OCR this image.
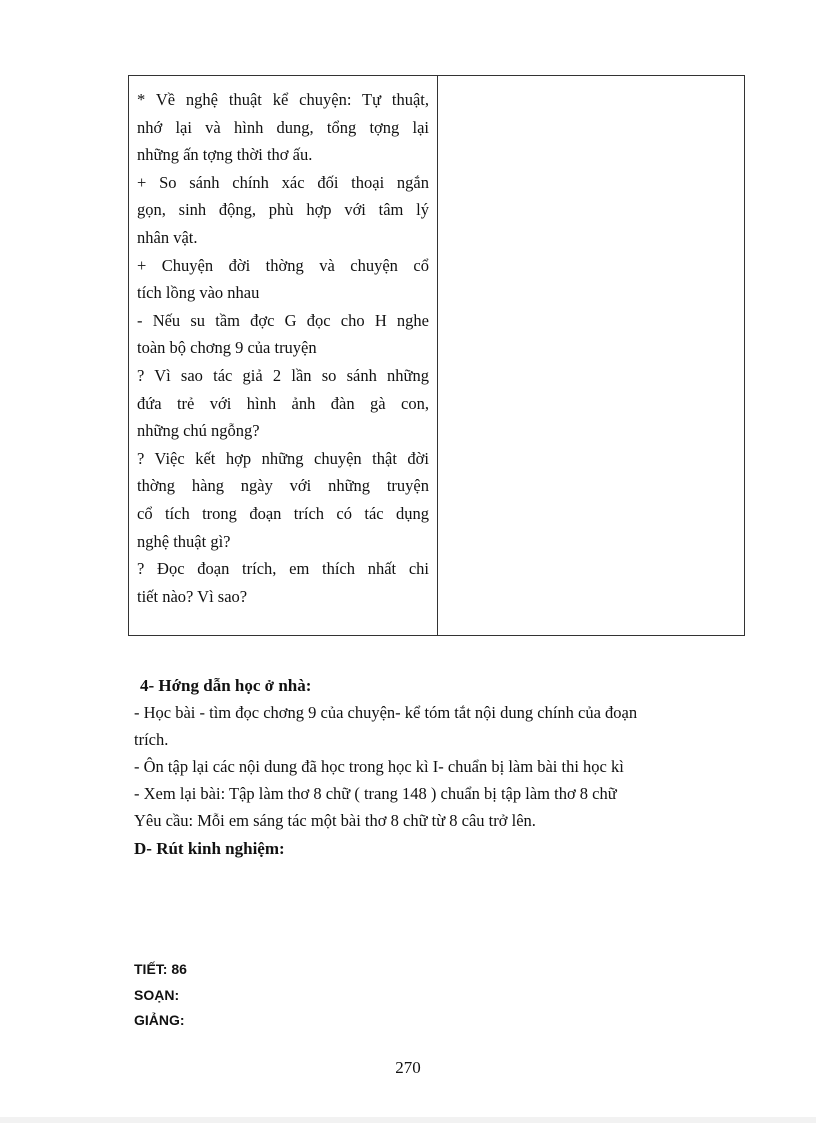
* Về nghệ thuật kể chuyện: Tự thuật,
nhớ lại và hình dung, tổng tợng lại
những ấn tợng thời thơ ấu.
+ So sánh chính xác đối thoại ngắn
gọn, sinh động, phù hợp với tâm lý
nhân vật.
+ Chuyện đời thờng và chuyện cổ
tích lồng vào nhau
- Nếu su tầm đợc G đọc cho H nghe
toàn bộ chơng 9 của truyện
? Vì sao tác giả 2 lần so sánh những
đứa trẻ với hình ảnh đàn gà con,
những chú ngỗng?
? Việc kết hợp những chuyện thật đời
thờng hàng ngày với những truyện
cổ tích trong đoạn trích có tác dụng
nghệ thuật gì?
? Đọc đoạn trích, em thích nhất chi
tiết nào? Vì sao?
4- Hớng dẫn học ở nhà:
- Học bài - tìm đọc chơng 9 của chuyện- kể tóm tắt nội dung chính của đoạn
trích.
- Ôn tập lại các nội dung đã học trong học kì I- chuẩn bị làm bài thi học kì
- Xem lại bài: Tập làm thơ 8 chữ ( trang 148 ) chuẩn bị tập làm thơ 8 chữ
Yêu cầu: Mỗi em sáng tác một bài thơ 8 chữ từ 8 câu trở lên.
D- Rút kinh nghiệm:
TIẾT: 86
SOẠN:
GIẢNG:
270
